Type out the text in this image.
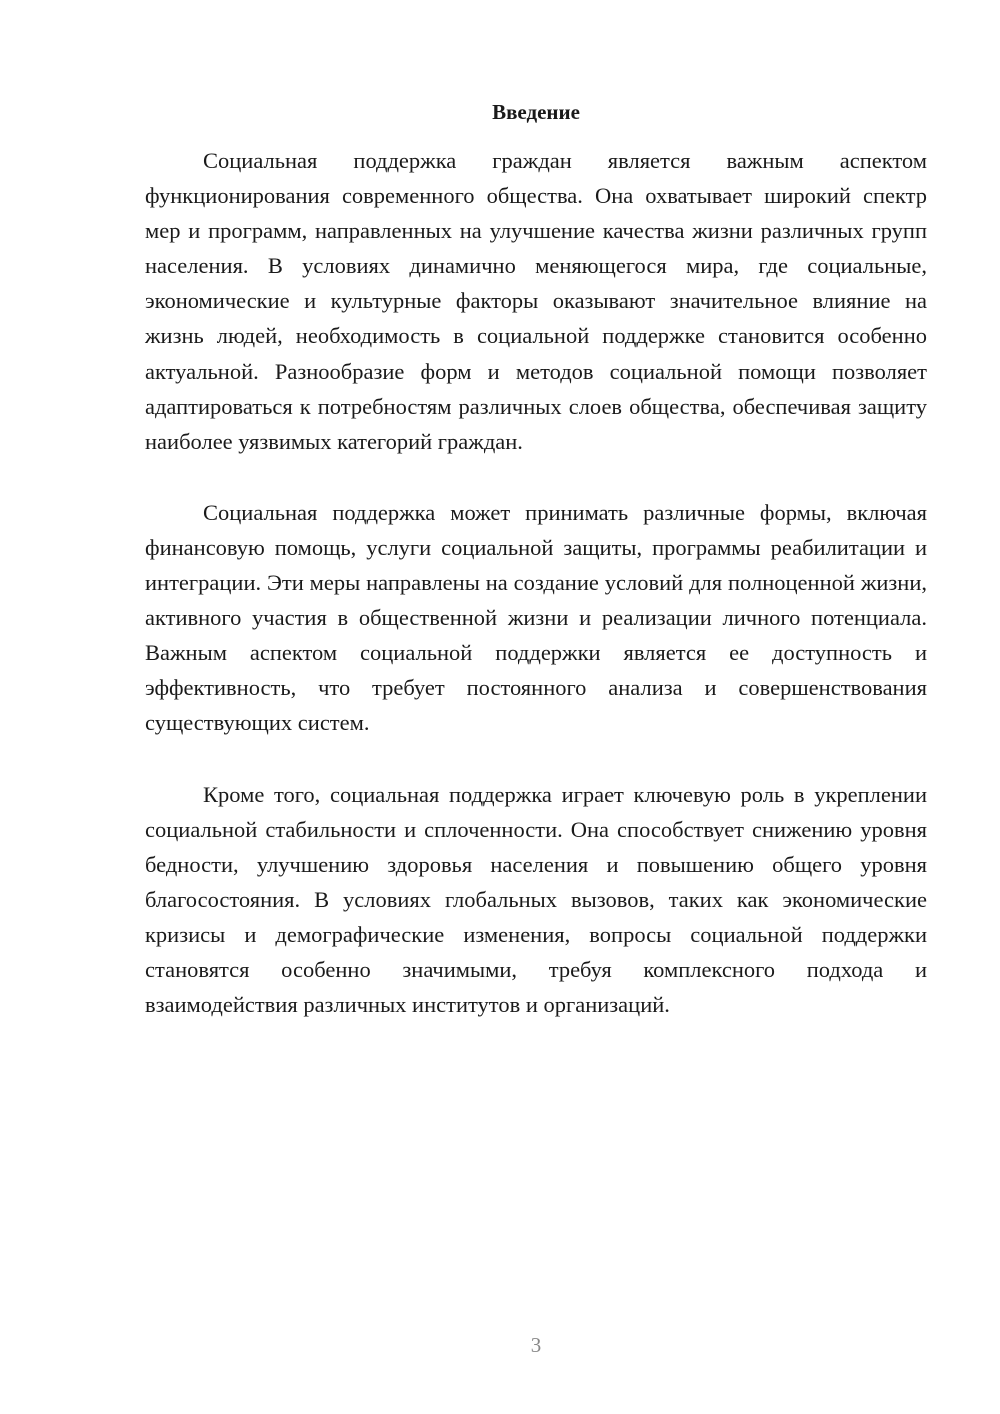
Введение

Социальная поддержка граждан является важным аспектом функционирования современного общества. Она охватывает широкий спектр мер и программ, направленных на улучшение качества жизни различных групп населения. В условиях динамично меняющегося мира, где социальные, экономические и культурные факторы оказывают значительное влияние на жизнь людей, необходимость в социальной поддержке становится особенно актуальной. Разнообразие форм и методов социальной помощи позволяет адаптироваться к потребностям различных слоев общества, обеспечивая защиту наиболее уязвимых категорий граждан.

Социальная поддержка может принимать различные формы, включая финансовую помощь, услуги социальной защиты, программы реабилитации и интеграции. Эти меры направлены на создание условий для полноценной жизни, активного участия в общественной жизни и реализации личного потенциала. Важным аспектом социальной поддержки является ее доступность и эффективность, что требует постоянного анализа и совершенствования существующих систем.

Кроме того, социальная поддержка играет ключевую роль в укреплении социальной стабильности и сплоченности. Она способствует снижению уровня бедности, улучшению здоровья населения и повышению общего уровня благосостояния. В условиях глобальных вызовов, таких как экономические кризисы и демографические изменения, вопросы социальной поддержки становятся особенно значимыми, требуя комплексного подхода и взаимодействия различных институтов и организаций.

3
